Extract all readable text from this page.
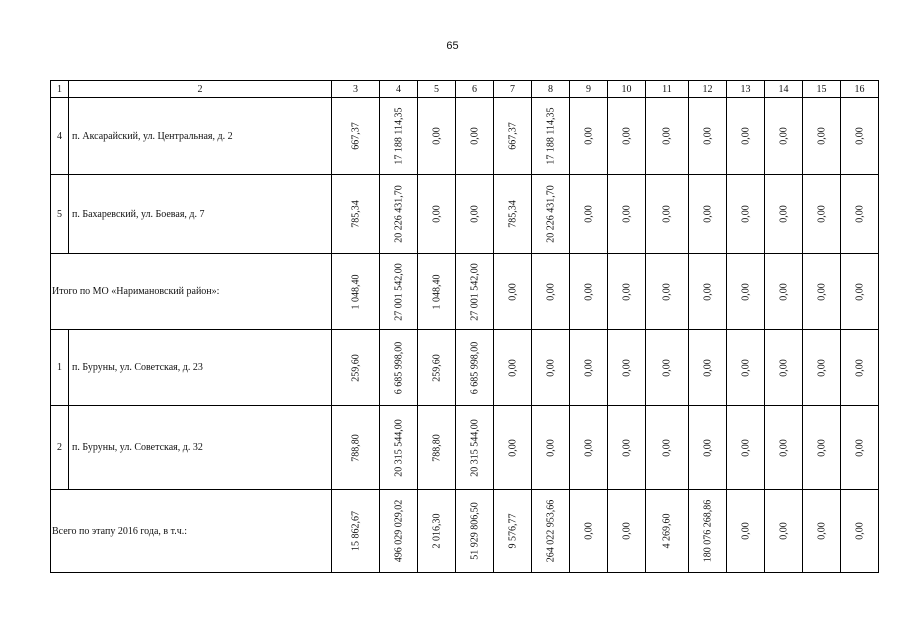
65
1	2	3	4	5	6	7	8	9	10	11	12	13	14	15	16
4	п. Аксарайский, ул. Центральная, д. 2	667,37	17 188 114,35	0,00	0,00	667,37	17 188 114,35	0,00	0,00	0,00	0,00	0,00	0,00	0,00	0,00

5	п. Бахаревский, ул. Боевая, д. 7	785,34	20 226 431,70	0,00	0,00	785,34	20 226 431,70	0,00	0,00	0,00	0,00	0,00	0,00	0,00	0,00

Итого по МО «Наримановский район»:		1 048,40	27 001 542,00	1 048,40	27 001 542,00	0,00	0,00	0,00	0,00	0,00	0,00	0,00	0,00	0,00	0,00

1	п. Буруны, ул. Советская, д. 23	259,60	6 685 998,00	259,60	6 685 998,00	0,00	0,00	0,00	0,00	0,00	0,00	0,00	0,00	0,00	0,00

2	п. Буруны, ул. Советская, д. 32	788,80	20 315 544,00	788,80	20 315 544,00	0,00	0,00	0,00	0,00	0,00	0,00	0,00	0,00	0,00	0,00

Всего по этапу 2016 года, в т.ч.:		15 862,67	496 029 029,02	2 016,30	51 929 806,50	9 576,77	264 022 953,66	0,00	0,00	4 269,60	180 076 268,86	0,00	0,00	0,00	0,00
